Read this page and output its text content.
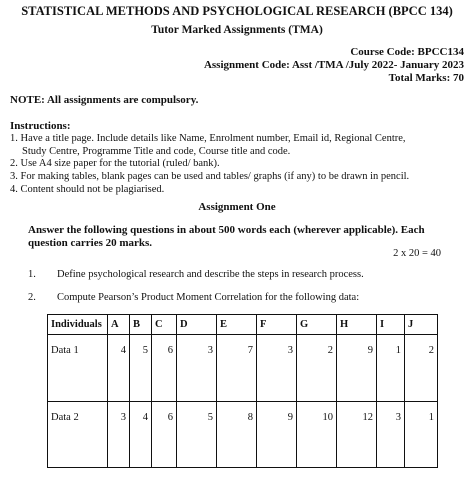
STATISTICAL METHODS AND PSYCHOLOGICAL RESEARCH (BPCC 134)
Tutor Marked Assignments (TMA)
Course Code: BPCC134
Assignment Code: Asst /TMA /July 2022- January 2023
Total Marks: 70
NOTE: All assignments are compulsory.
Instructions:
1. Have a title page. Include details like Name, Enrolment number, Email id, Regional Centre,

Study Centre, Programme Title and code, Course title and code.
2. Use A4 size paper for the tutorial (ruled/ bank).
3. For making tables, blank pages can be used and tables/ graphs (if any) to be drawn in pencil.
4. Content should not be plagiarised.
Assignment One
Answer the following questions in about 500 words each (wherever applicable). Each question carries 20 marks.
2 x 20 = 40
1. Define psychological research and describe the steps in research process.
2. Compute Pearson’s Product Moment Correlation for the following data:
Individuals	A	B	C	D	E	F	G	H	I	J
Data 1	4	5	6	3	7	3	2	9	1	2
Data 2	3	4	6	5	8	9	10	12	3	1
